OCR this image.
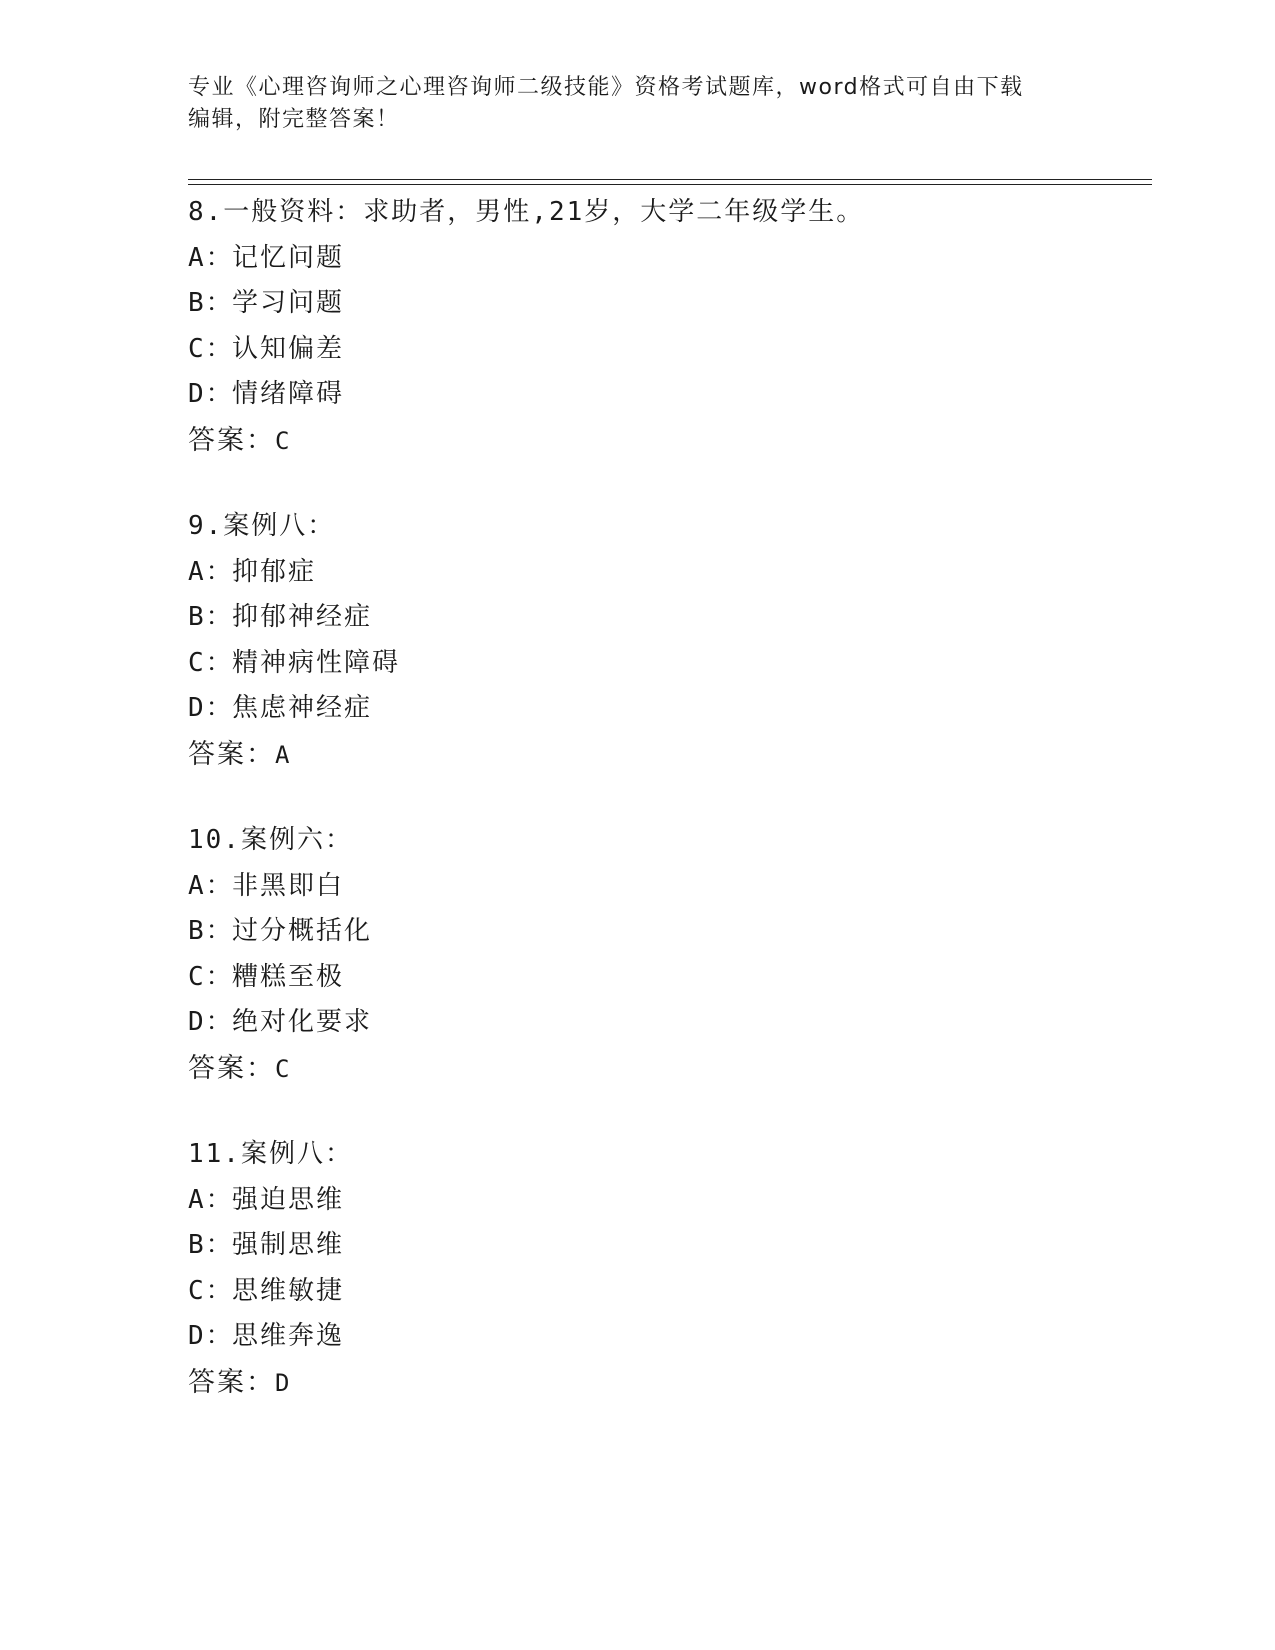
专业《心理咨询师之心理咨询师二级技能》资格考试题库，word格式可自由下载
编辑，附完整答案！
8.一般资料：求助者，男性,21岁，大学二年级学生。
A：记忆问题
B：学习问题
C：认知偏差
D：情绪障碍
答案：C
9.案例八：
A：抑郁症
B：抑郁神经症
C：精神病性障碍
D：焦虑神经症
答案：A
10.案例六：
A：非黑即白
B：过分概括化
C：糟糕至极
D：绝对化要求
答案：C
11.案例八：
A：强迫思维
B：强制思维
C：思维敏捷
D：思维奔逸
答案：D
